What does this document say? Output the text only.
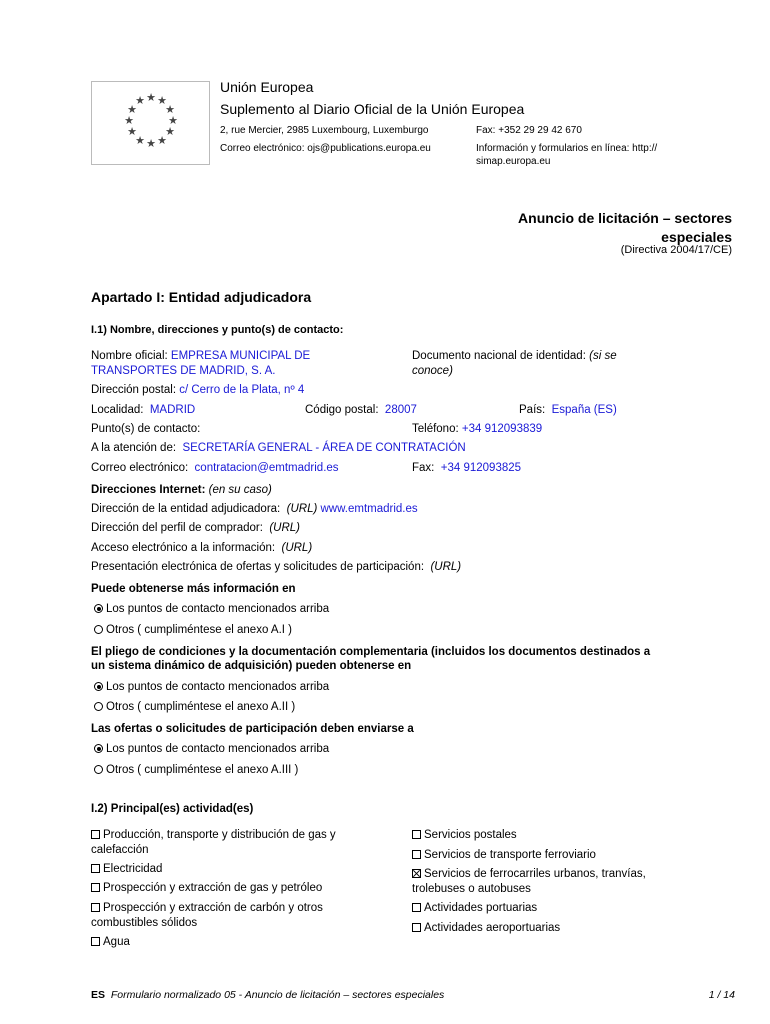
★ ★
★
★
★
★
★
★
★
★
★
★
Unión Europea
Suplemento al Diario Oficial de la Unión Europea
2, rue Mercier, 2985 Luxembourg, Luxemburgo	Fax: +352 29 29 42 670
Correo electrónico: ojs@publications.europa.eu	Información y formularios en línea: http://
simap.europa.eu
Anuncio de licitación – sectores
especiales
(Directiva 2004/17/CE)
Apartado I: Entidad adjudicadora
I.1) Nombre, direcciones y punto(s) de contacto:
Nombre oficial: EMPRESA MUNICIPAL DE
TRANSPORTES DE MADRID, S. A.
Documento nacional de identidad: (si se
conoce)
Dirección postal: c/ Cerro de la Plata, nº 4
Localidad: MADRID	Código postal: 28007	País: España (ES)
Punto(s) de contacto:	Teléfono: +34 912093839
A la atención de: SECRETARÍA GENERAL - ÁREA DE CONTRATACIÓN
Correo electrónico: contratacion@emtmadrid.es	Fax: +34 912093825
Direcciones Internet: (en su caso)
Dirección de la entidad adjudicadora: (URL) www.emtmadrid.es
Dirección del perfil de comprador: (URL)
Acceso electrónico a la información: (URL)
Presentación electrónica de ofertas y solicitudes de participación: (URL)
Puede obtenerse más información en
Los puntos de contacto mencionados arriba
Otros ( cumpliméntese el anexo A.I )
El pliego de condiciones y la documentación complementaria (incluidos los documentos destinados a
un sistema dinámico de adquisición) pueden obtenerse en
Los puntos de contacto mencionados arriba
Otros ( cumpliméntese el anexo A.II )
Las ofertas o solicitudes de participación deben enviarse a
Los puntos de contacto mencionados arriba
Otros ( cumpliméntese el anexo A.III )
I.2) Principal(es) actividad(es)
Producción, transporte y distribución de gas y
calefacción
Electricidad
Prospección y extracción de gas y petróleo
Prospección y extracción de carbón y otros
combustibles sólidos
Agua
Servicios postales
Servicios de transporte ferroviario
Servicios de ferrocarriles urbanos, tranvías,
trolebuses o autobuses
Actividades portuarias
Actividades aeroportuarias
ES Formulario normalizado 05 - Anuncio de licitación – sectores especiales	1 / 14
